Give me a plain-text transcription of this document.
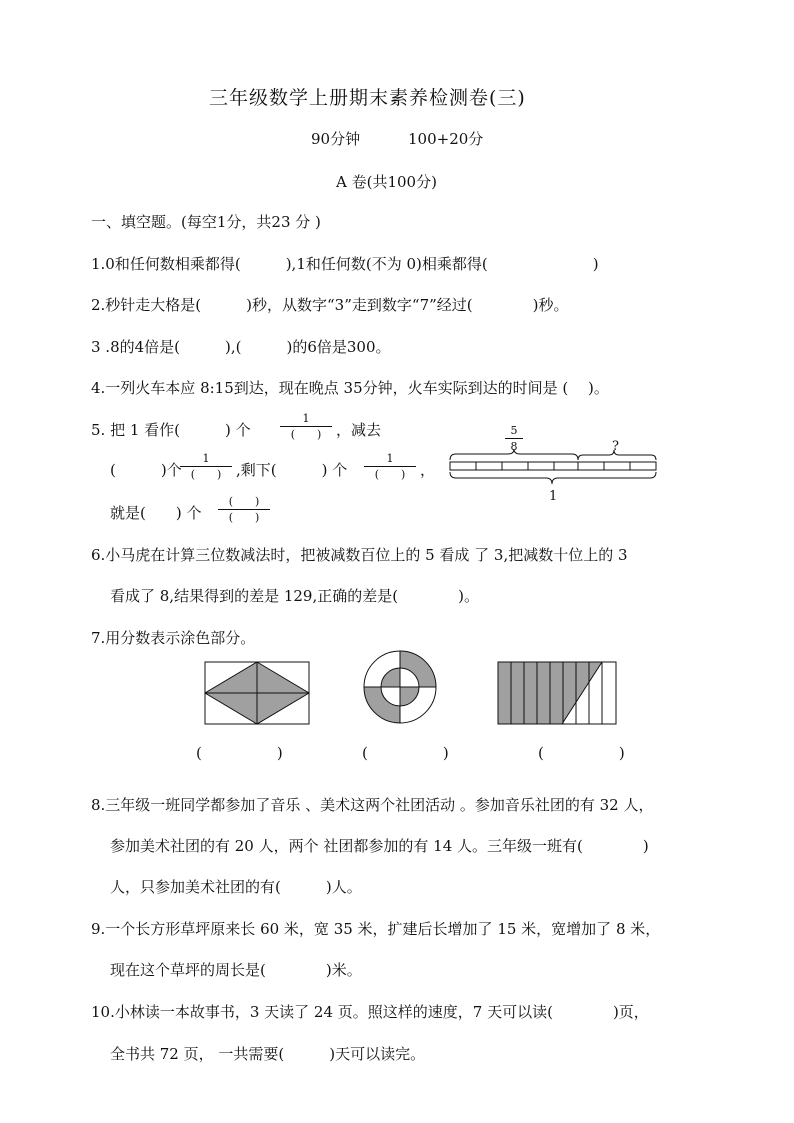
三年级数学上册期末素养检测卷(三)
90分钟	100+20分
A 卷(共100分)
一、填空题。(每空1分，共23 分 )
1.0和任何数相乘都得(　　　),1和任何数(不为 0)相乘都得(　　　　　　　)
2.秒针走大格是(　　　)秒，从数字“3”走到数字“7”经过(　　　　)秒。
3 .8的4倍是(　　　),(　　　)的6倍是300。
4.一列火车本应 8:15到达，现在晚点 35分钟，火车实际到达的时间是 (　 )。
5. 把 1 看作(　　　) 个
1
(　　) ，减去
(　　　)个
1
(　　) ,剩下(　　　) 个
1
(　　) ，
就是(　　) 个
(　　)
(　　)
$\frac{5}{8}$	?
1
6.小马虎在计算三位数减法时，把被减数百位上的 5 看成 了 3,把减数十位上的 3
看成了 8,结果得到的差是 129,正确的差是(　　　　)。
7.用分数表示涂色部分。
(　　　　　)	(　　　　　)	(　　　　　)
8.三年级一班同学都参加了音乐 、美术这两个社团活动 。参加音乐社团的有 32 人，
参加美术社团的有 20 人，两个 社团都参加的有 14 人。三年级一班有(　　　　)
人，只参加美术社团的有(　　　)人。
9.一个长方形草坪原来长 60 米，宽 35 米，扩建后长增加了 15 米，宽增加了 8 米，
现在这个草坪的周长是(　　　　)米。
10.小林读一本故事书，3 天读了 24 页。照这样的速度，7 天可以读(　　　　)页，
全书共 72 页， 一共需要(　　　)天可以读完。
